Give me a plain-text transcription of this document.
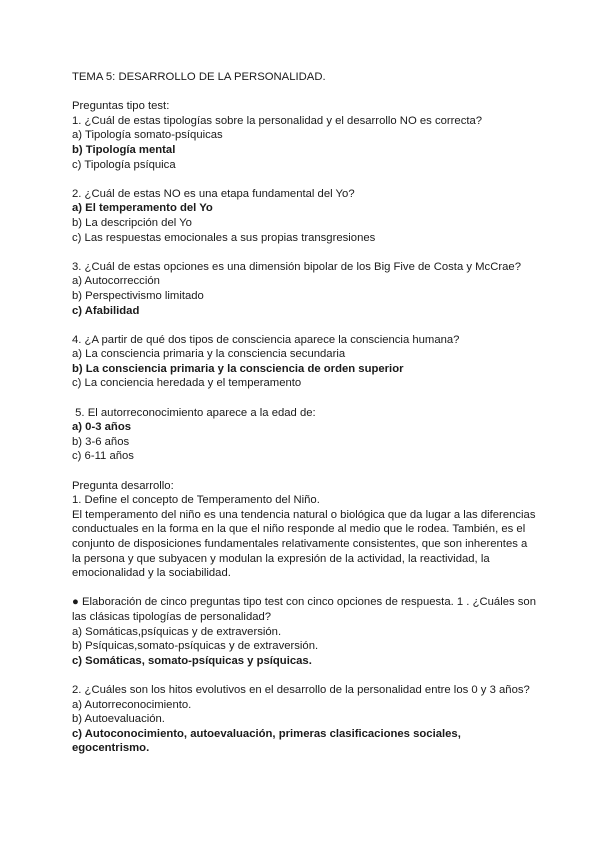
TEMA 5: DESARROLLO DE LA PERSONALIDAD.
Preguntas tipo test:
1. ¿Cuál de estas tipologías sobre la personalidad y el desarrollo NO es correcta?
a) Tipología somato-psíquicas
b) Tipología mental
c) Tipología psíquica
2. ¿Cuál de estas NO es una etapa fundamental del Yo?
a) El temperamento del Yo
b) La descripción del Yo
c) Las respuestas emocionales a sus propias transgresiones
3. ¿Cuál de estas opciones es una dimensión bipolar de los Big Five de Costa y McCrae?
a) Autocorrección
b) Perspectivismo limitado
c) Afabilidad
4. ¿A partir de qué dos tipos de consciencia aparece la consciencia humana?
a) La consciencia primaria y la consciencia secundaria
b) La consciencia primaria y la consciencia de orden superior
c) La conciencia heredada y el temperamento
5. El autorreconocimiento aparece a la edad de:
a) 0-3 años
b) 3-6 años
c) 6-11 años
Pregunta desarrollo:
1. Define el concepto de Temperamento del Niño.
El temperamento del niño es una tendencia natural o biológica que da lugar a las diferencias
conductuales en la forma en la que el niño responde al medio que le rodea. También, es el
conjunto de disposiciones fundamentales relativamente consistentes, que son inherentes a
la persona y que subyacen y modulan la expresión de la actividad, la reactividad, la
emocionalidad y la sociabilidad.
● Elaboración de cinco preguntas tipo test con cinco opciones de respuesta. 1 . ¿Cuáles son
las clásicas tipologías de personalidad?
a) Somáticas,psíquicas y de extraversión.
b) Psíquicas,somato-psíquicas y de extraversión.
c) Somáticas, somato-psíquicas y psíquicas.
2. ¿Cuáles son los hitos evolutivos en el desarrollo de la personalidad entre los 0 y 3 años?
a) Autorreconocimiento.
b) Autoevaluación.
c) Autoconocimiento, autoevaluación, primeras clasificaciones sociales,
egocentrismo.
